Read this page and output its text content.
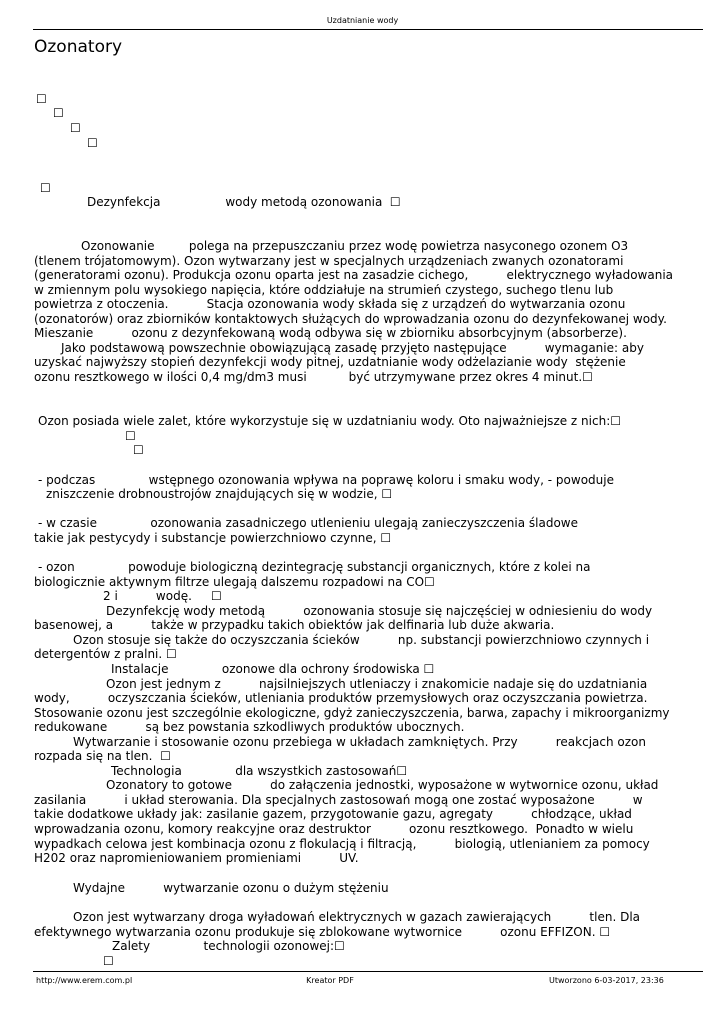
Uzdatnianie wody
Ozonatory
☐
☐
☐
☐
☐
Dezynfekcja                 wody metodą ozonowania  ☐
Ozonowanie         polega na przepuszczaniu przez wodę powietrza nasyconego ozonem O3
(tlenem trójatomowym). Ozon wytwarzany jest w specjalnych urządzeniach zwanych ozonatorami
(generatorami ozonu). Produkcja ozonu oparta jest na zasadzie cichego,          elektrycznego wyładowania
w zmiennym polu wysokiego napięcia, które oddziałuje na strumień czystego, suchego tlenu lub
powietrza z otoczenia.          Stacja ozonowania wody składa się z urządzeń do wytwarzania ozonu
(ozonatorów) oraz zbiorników kontaktowych służących do wprowadzania ozonu do dezynfekowanej wody.
Mieszanie          ozonu z dezynfekowaną wodą odbywa się w zbiorniku absorbcyjnym (absorberze).
Jako podstawową powszechnie obowiązującą zasadę przyjęto następujące          wymaganie: aby
uzyskać najwyższy stopień dezynfekcji wody pitnej, uzdatnianie wody odżelazianie wody  stężenie
ozonu resztkowego w ilości 0,4 mg/dm3 musi           być utrzymywane przez okres 4 minut.☐
Ozon posiada wiele zalet, które wykorzystuje się w uzdatnianiu wody. Oto najważniejsze z nich:☐
☐
☐
- podczas              wstępnego ozonowania wpływa na poprawę koloru i smaku wody, - powoduje
zniszczenie drobnoustrojów znajdujących się w wodzie, ☐
- w czasie              ozonowania zasadniczego utlenieniu ulegają zanieczyszczenia śladowe
takie jak pestycydy i substancje powierzchniowo czynne, ☐
- ozon              powoduje biologiczną dezintegrację substancji organicznych, które z kolei na
biologicznie aktywnym filtrze ulegają dalszemu rozpadowi na CO☐
2 i          wodę.     ☐
Dezynfekcję wody metodą          ozonowania stosuje się najczęściej w odniesieniu do wody
basenowej, a          także w przypadku takich obiektów jak delfinaria lub duże akwaria.
Ozon stosuje się także do oczyszczania ścieków          np. substancji powierzchniowo czynnych i
detergentów z pralni. ☐
Instalacje              ozonowe dla ochrony środowiska ☐
Ozon jest jednym z          najsilniejszych utleniaczy i znakomicie nadaje się do uzdatniania
wody,          oczyszczania ścieków, utleniania produktów przemysłowych oraz oczyszczania powietrza.
Stosowanie ozonu jest szczególnie ekologiczne, gdyż zanieczyszczenia, barwa, zapachy i mikroorganizmy
redukowane          są bez powstania szkodliwych produktów ubocznych.
Wytwarzanie i stosowanie ozonu przebiega w układach zamkniętych. Przy          reakcjach ozon
rozpada się na tlen.  ☐
Technologia              dla wszystkich zastosowań☐
Ozonatory to gotowe          do załączenia jednostki, wyposażone w wytwornice ozonu, układ
zasilania          i układ sterowania. Dla specjalnych zastosowań mogą one zostać wyposażone          w
takie dodatkowe układy jak: zasilanie gazem, przygotowanie gazu, agregaty          chłodzące, układ
wprowadzania ozonu, komory reakcyjne oraz destruktor          ozonu resztkowego.  Ponadto w wielu
wypadkach celowa jest kombinacja ozonu z flokulacją i filtracją,          biologią, utlenianiem za pomocy
H202 oraz napromieniowaniem promieniami          UV.
Wydajne          wytwarzanie ozonu o dużym stężeniu
Ozon jest wytwarzany droga wyładowań elektrycznych w gazach zawierających          tlen. Dla
efektywnego wytwarzania ozonu produkuje się zblokowane wytwornice          ozonu EFFIZON. ☐
Zalety              technologii ozonowej:☐
☐
http://www.erem.com.pl	Kreator PDF	Utworzono 6-03-2017, 23:36
